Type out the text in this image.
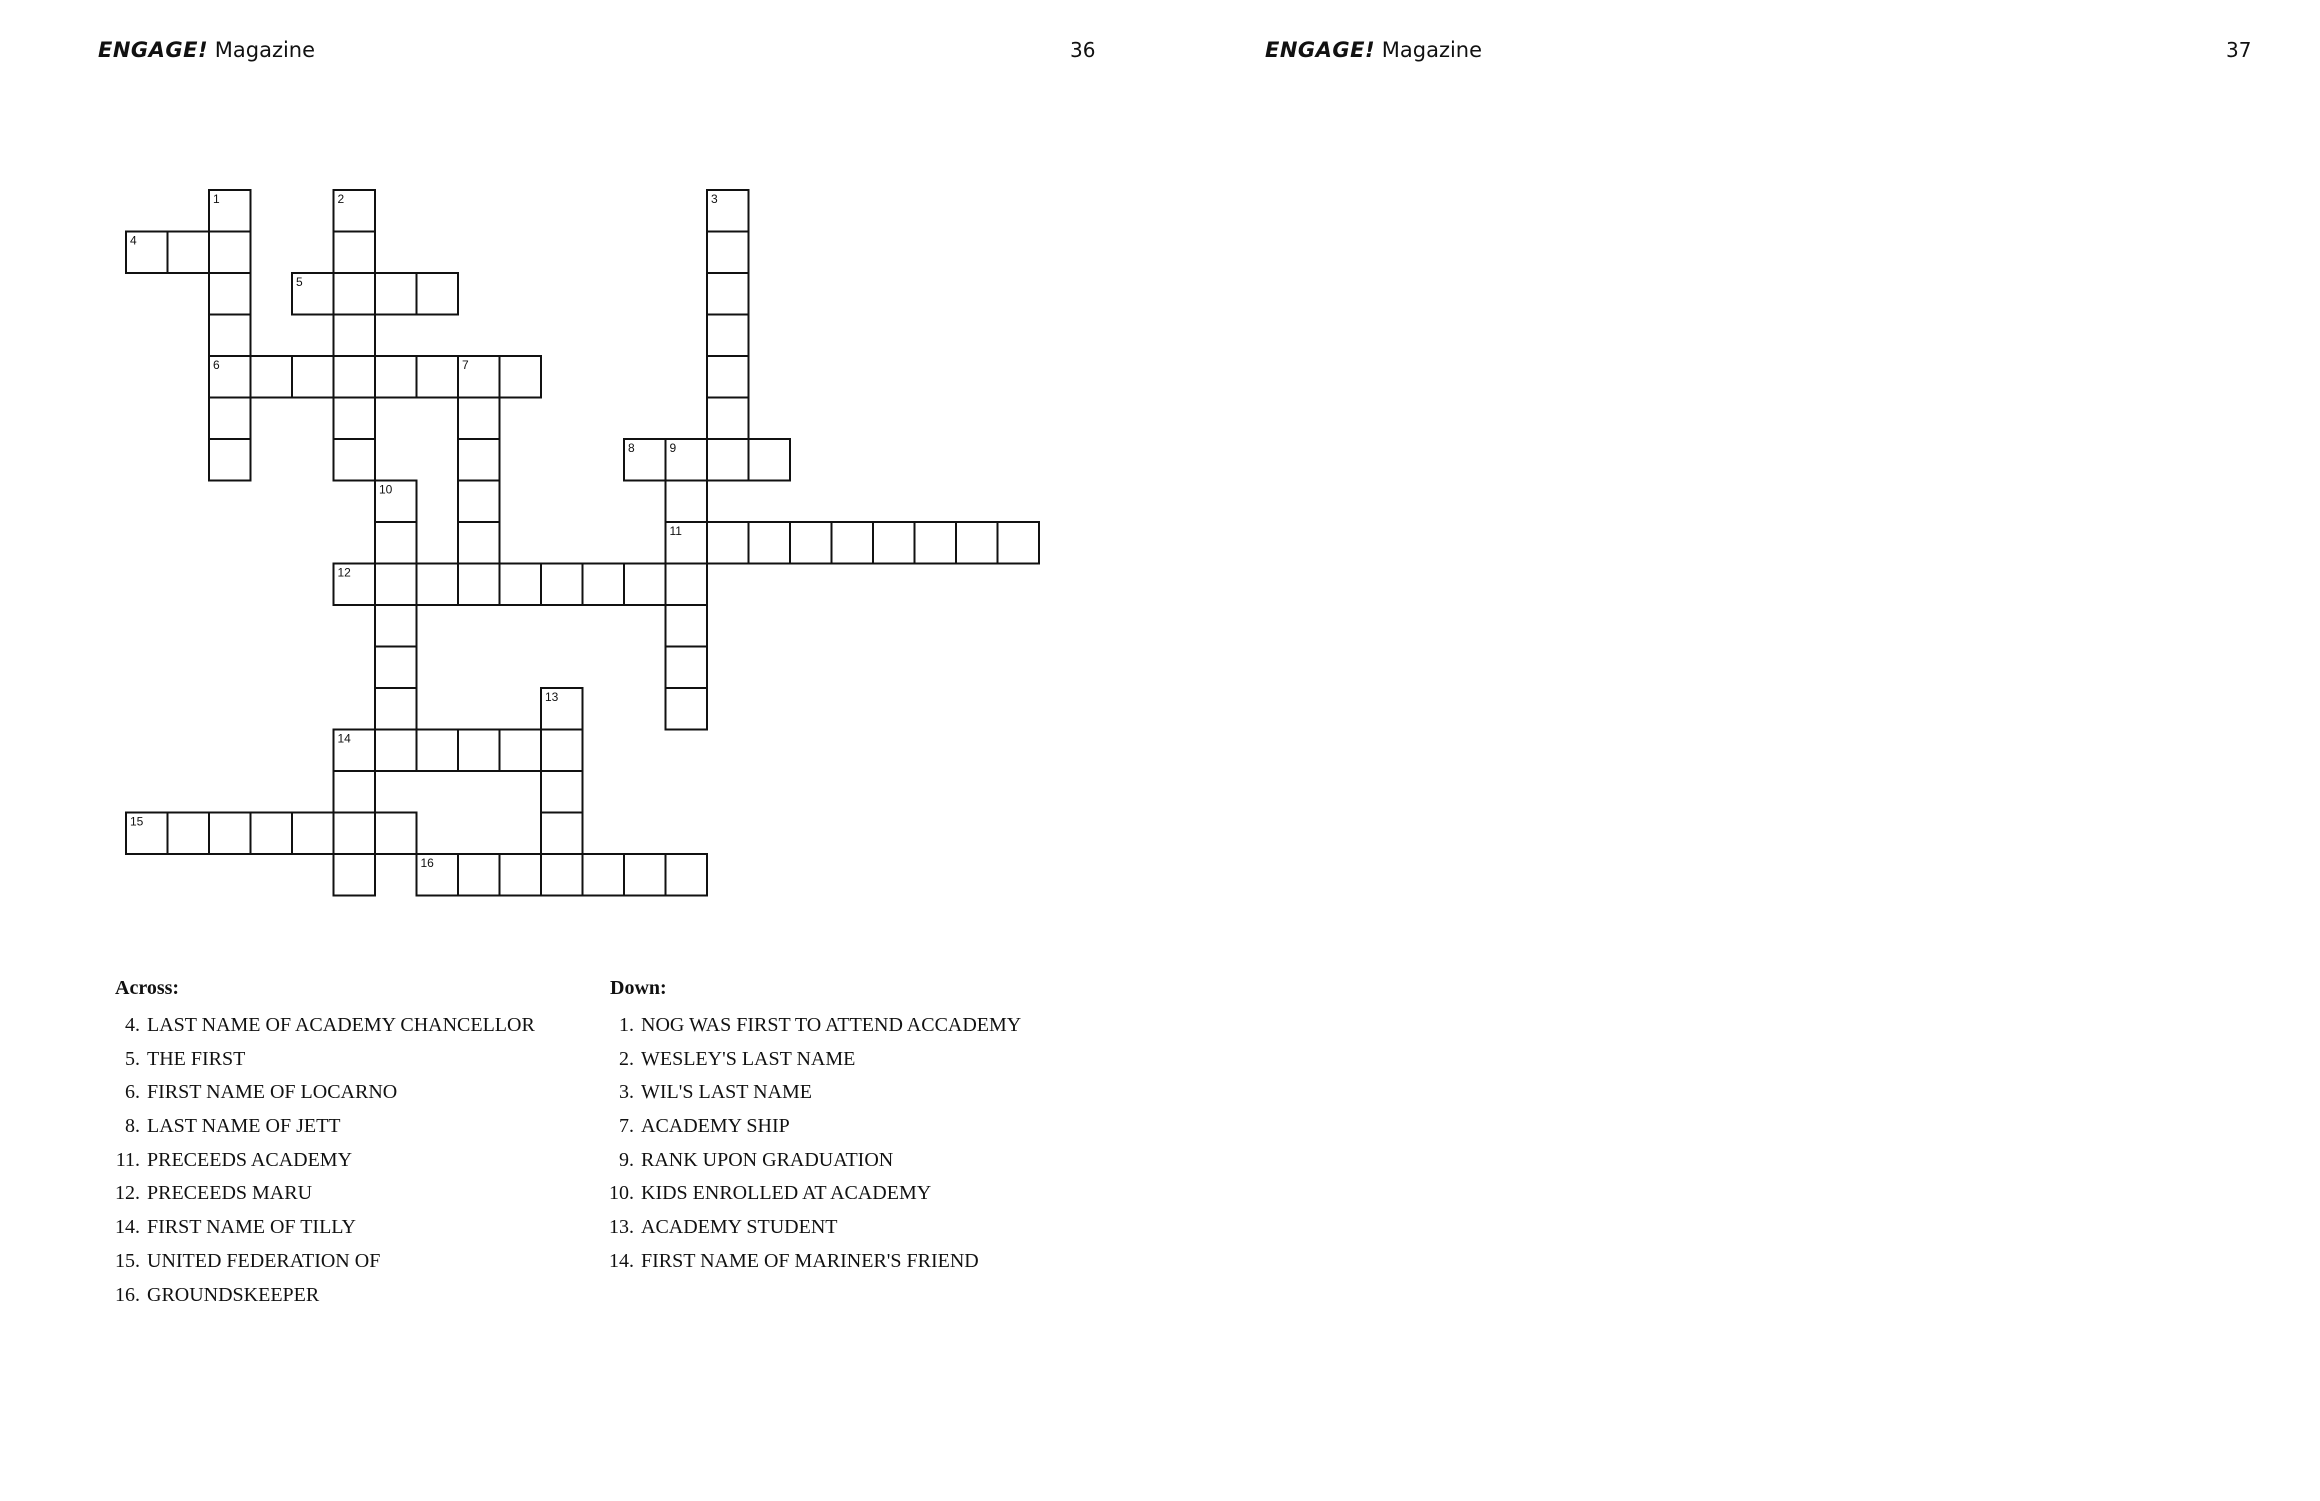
ENGAGE! Magazine	36
1	2	3
4
5
6	7
8	9
10
11
12
13
14
15
16
Across:
4. LAST NAME OF ACADEMY CHANCELLOR
5. THE FIRST
6. FIRST NAME OF LOCARNO
8. LAST NAME OF JETT
11. PRECEEDS ACADEMY
12. PRECEEDS MARU
14. FIRST NAME OF TILLY
15. UNITED FEDERATION OF
16. GROUNDSKEEPER
Down:
1. NOG WAS FIRST TO ATTEND ACCADEMY
2. WESLEY'S LAST NAME
3. WIL'S LAST NAME
7. ACADEMY SHIP
9. RANK UPON GRADUATION
10. KIDS ENROLLED AT ACADEMY
13. ACADEMY STUDENT
14. FIRST NAME OF MARINER'S FRIEND
ENGAGE! Magazine	37
